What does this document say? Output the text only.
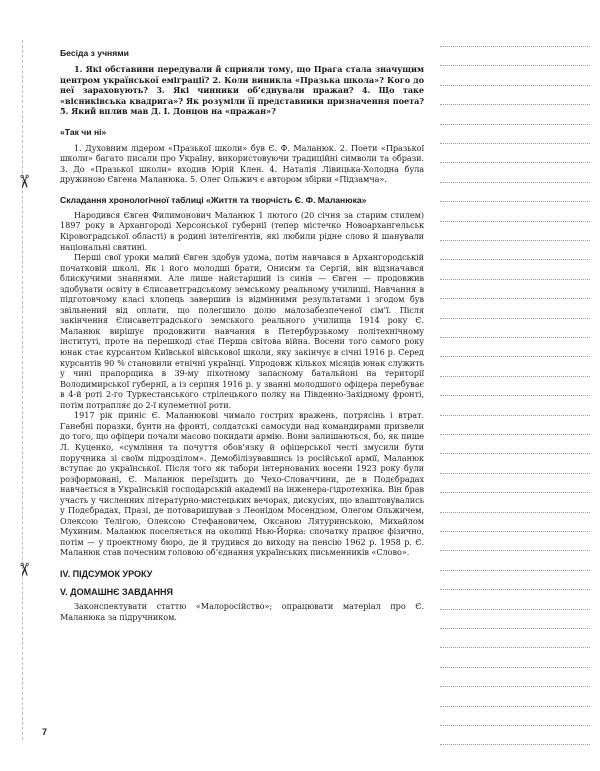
✂
✂

Бесіда з учнями

1. Які обставини передували й сприяли тому, що Прага стала значущим центром української еміграції? 2. Коли виникла «Празька школа»? Кого до неї зараховують? 3. Які чинники об’єднували пражан? 4. Що таке «вісниківська квадрига»? Як розуміли її представники призначення поета? 5. Який вплив мав Д. І. Донцов на «пражан»?

«Так чи ні»

1. Духовним лідером «Празької школи» був Є. Ф. Маланюк. 2. Поети «Празької школи» багато писали про Україну, використовуючи традиційні символи та образи. 3. До «Празької школи» входив Юрій Клен. 4. Наталія Лівицька-Холодна була дружиною Євгена Маланюка. 5. Олег Ольжич є автором збірки «Підзамча».

Складання хронологічної таблиці «Життя та творчість Є. Ф. Маланюка»

Народився Євген Филимонович Маланюк 1 лютого (20 січня за старим стилем) 1897 року в Архангороді Херсонської губернії (тепер містечко Новоархангельськ Кіровоградської області) в родині інтелігентів, які любили рідне слово й шанували національні святині.

Перші свої уроки малий Євген здобув удома, потім навчався в Архангородській початковій школі. Як і його молодші брати, Онисим та Сергій, він відзначався блискучими знаннями. Але лише найстарший із синів — Євген — продовжив здобувати освіту в Єлисаветградському земському реальному училищі. Навчання в підготовчому класі хлопець завершив із відмінними результатами і згодом був звільнений від оплати, що полегшило долю малозабезпеченої сім’ї. Після закінчення Єлисаветградського земського реального училища 1914 року Є. Маланюк вирішує продовжити навчання в Петербурзькому політехнічному інституті, проте на перешкоді стає Перша світова війна. Восени того самого року юнак стає курсантом Київської військової школи, яку закінчує в січні 1916 р. Серед курсантів 90 % становили етнічні українці. Упродовж кількох місяців юнак служить у чині прапорщика в 39-му піхотному запасному батальйоні на території Володимирської губернії, а із серпня 1916 р. у званні молодшого офіцера перебуває в 4-й роті 2-го Туркестанського стрілецького полку на Південно-Західному фронті, потім потрапляє до 2-ї кулеметної роти.

1917 рік приніс Є. Маланюкові чимало гострих вражень, потрясінь і втрат. Ганебні поразки, бунти на фронті, солдатські самосуди над командирами призвели до того, що офіцери почали масово покидати армію. Вони залишаються, бо, як пише Л. Куценко, «сумління та почуття обов’язку й офіцерської честі змусили бути поручника зі своїм підрозділом». Демобілізувавшись із російської армії, Маланюк вступає до української. Після того як табори інтернованих восени 1923 року були розформовані, Є. Маланюк переїздить до Чехо-Словаччини, де в Подєбрадах навчається в Українській господарській академії на інженера-гідротехніка. Він брав участь у численних літературно-мистецьких вечорах, дискусіях, що влаштовувались у Подєбрадах, Празі, де потоваришував з Леонідом Мосендзом, Олегом Ольжичем, Олексою Телігою, Олексою Стефановичем, Оксаною Лятуринською, Михайлом Мухиним. Маланюк поселяється на околиці Нью-Йорка: спочатку працює фізично, потім — у проектному бюро, де й трудився до виходу на пенсію 1962 р. 1958 р. Є. Маланюк став почесним головою об’єднання українських письменників «Слово».

IV. ПІДСУМОК УРОКУ

V. ДОМАШНЄ ЗАВДАННЯ

Законспектувати статтю «Малоросійство»; опрацювати матеріал про Є. Маланюка за підручником.

7
